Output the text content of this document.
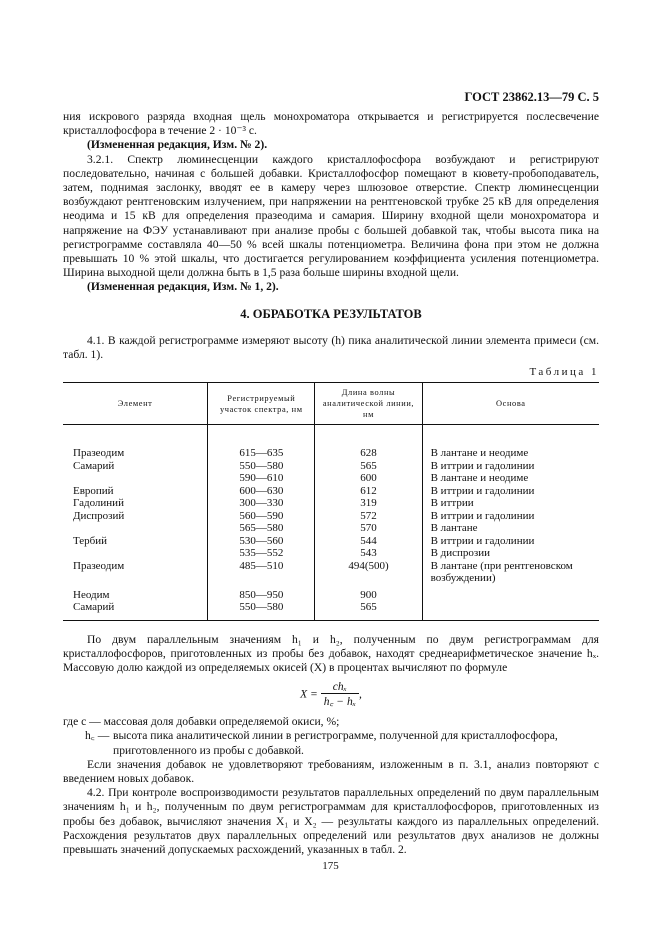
ГОСТ 23862.13—79 С. 5

ния искрового разряда входная щель монохроматора открывается и регистрируется послесвечение кристаллофосфора в течение 2 · 10⁻³ с.

(Измененная редакция, Изм. № 2).

3.2.1. Спектр люминесценции каждого кристаллофосфора возбуждают и регистрируют последовательно, начиная с большей добавки. Кристаллофосфор помещают в кювету-пробоподаватель, затем, поднимая заслонку, вводят ее в камеру через шлюзовое отверстие. Спектр люминесценции возбуждают рентгеновским излучением, при напряжении на рентгеновской трубке 25 кВ для определения неодима и 15 кВ для определения празеодима и самария. Ширину входной щели монохроматора и напряжение на ФЭУ устанавливают при анализе пробы с большей добавкой так, чтобы высота пика на регистрограмме составляла 40—50 % всей шкалы потенциометра. Величина фона при этом не должна превышать 10 % этой шкалы, что достигается регулированием коэффициента усиления потенциометра. Ширина выходной щели должна быть в 1,5 раза больше ширины входной щели.

(Измененная редакция, Изм. № 1, 2).

4. ОБРАБОТКА РЕЗУЛЬТАТОВ

4.1. В каждой регистрограмме измеряют высоту (h) пика аналитической линии элемента примеси (см. табл. 1).

Таблица 1
Элемент	Регистрируемый участок спектра, нм	Длина волны аналитической линии, нм	Основа

Празеодим	615—635	628	В лантане и неодиме
Самарий	550—580	565	В иттрии и гадолинии
	590—610	600	В лантане и неодиме
Европий	600—630	612	В иттрии и гадолинии
Гадолиний	300—330	319	В иттрии
Диспрозий	560—590	572	В иттрии и гадолинии
	565—580	570	В лантане
Тербий	530—560	544	В иттрии и гадолинии
	535—552	543	В диспрозии
Празеодим	485—510	494(500)	В лантане (при рентгеновском возбуждении)

Неодим	850—950	900	
Самарий	550—580	565	

По двум параллельным значениям h₁ и h₂, полученным по двум регистрограммам для кристаллофосфоров, приготовленных из пробы без добавок, находят среднеарифметическое значение hₓ. Массовую долю каждой из определяемых окисей (X) в процентах вычисляют по формуле

$X = \frac{\text{chₓ}}{\text{h꜀ − hₓ}}$ ,
где c — массовая доля добавки определяемой окиси, %;
h꜀ — высота пика аналитической линии в регистрограмме, полученной для кристаллофосфора, приготовленного из пробы с добавкой.

Если значения добавок не удовлетворяют требованиям, изложенным в п. 3.1, анализ повторяют с введением новых добавок.

4.2. При контроле воспроизводимости результатов параллельных определений по двум параллельным значениям h₁ и h₂, полученным по двум регистрограммам для кристаллофосфоров, приготовленных из пробы без добавок, вычисляют значения X₁ и X₂ — результаты каждого из параллельных определений. Расхождения результатов двух параллельных определений или результатов двух анализов не должны превышать значений допускаемых расхождений, указанных в табл. 2.

175
